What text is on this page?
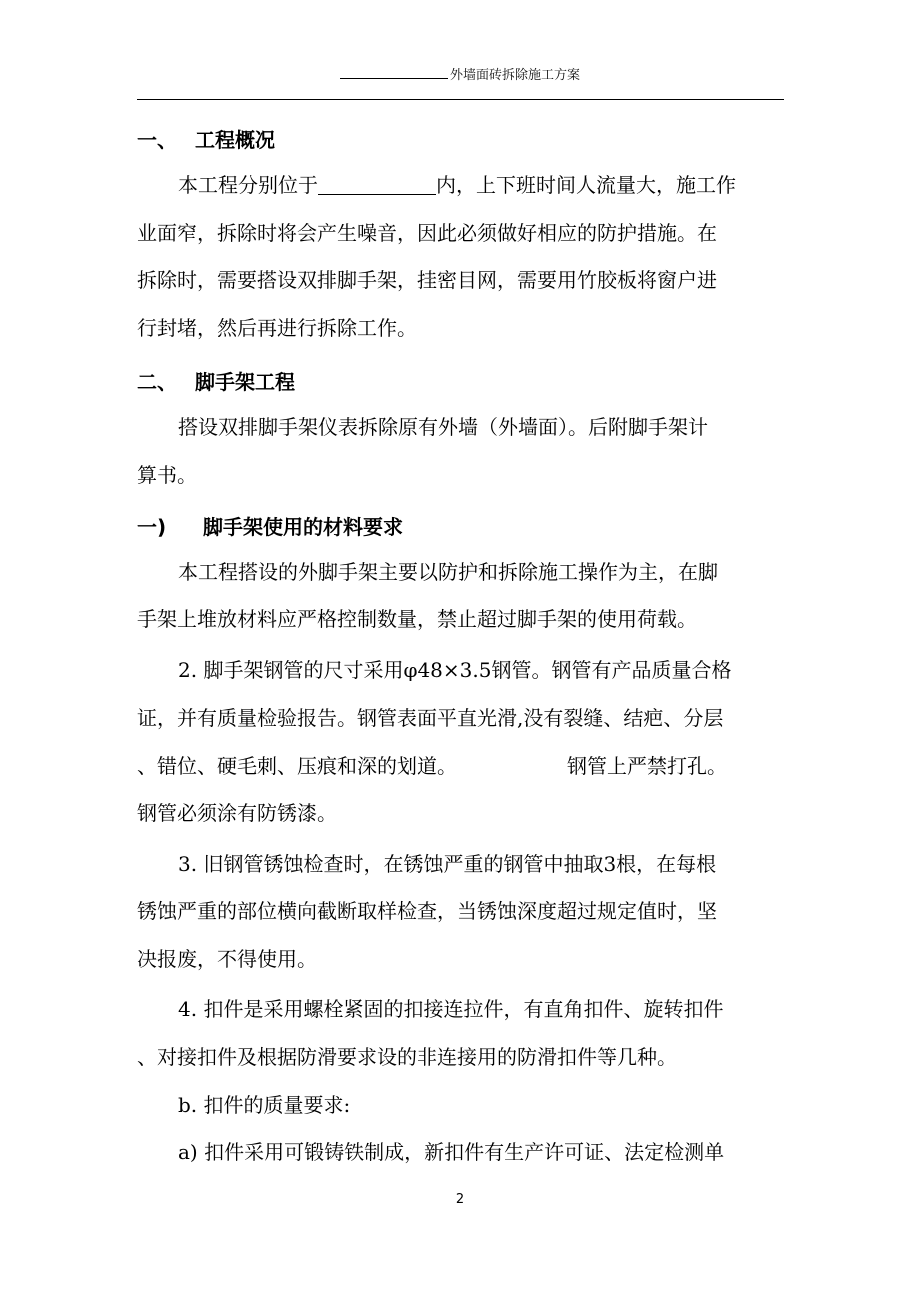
外墙面砖拆除施工方案
一、 工程概况
本工程分别位于	内，上下班时间人流量大，施工作
业面窄，拆除时将会产生噪音，因此必须做好相应的防护措施。在
拆除时，需要搭设双排脚手架，挂密目网，需要用竹胶板将窗户进
行封堵，然后再进行拆除工作。
二、 脚手架工程
搭设双排脚手架仪表拆除原有外墙（外墙面）。后附脚手架计
算书。
一) 脚手架使用的材料要求
本工程搭设的外脚手架主要以防护和拆除施工操作为主，在脚
手架上堆放材料应严格控制数量，禁止超过脚手架的使用荷载。
2. 脚手架钢管的尺寸采用φ48×3.5钢管。钢管有产品质量合格
证，并有质量检验报告。钢管表面平直光滑,没有裂缝、结疤、分层
、错位、硬毛刺、压痕和深的划道。	钢管上严禁打孔。
钢管必须涂有防锈漆。
3. 旧钢管锈蚀检查时，在锈蚀严重的钢管中抽取3根，在每根
锈蚀严重的部位横向截断取样检查，当锈蚀深度超过规定值时，坚
决报废，不得使用。
4. 扣件是采用螺栓紧固的扣接连拉件，有直角扣件、旋转扣件
、对接扣件及根据防滑要求设的非连接用的防滑扣件等几种。
b. 扣件的质量要求:
a) 扣件采用可锻铸铁制成，新扣件有生产许可证、法定检测单
2
